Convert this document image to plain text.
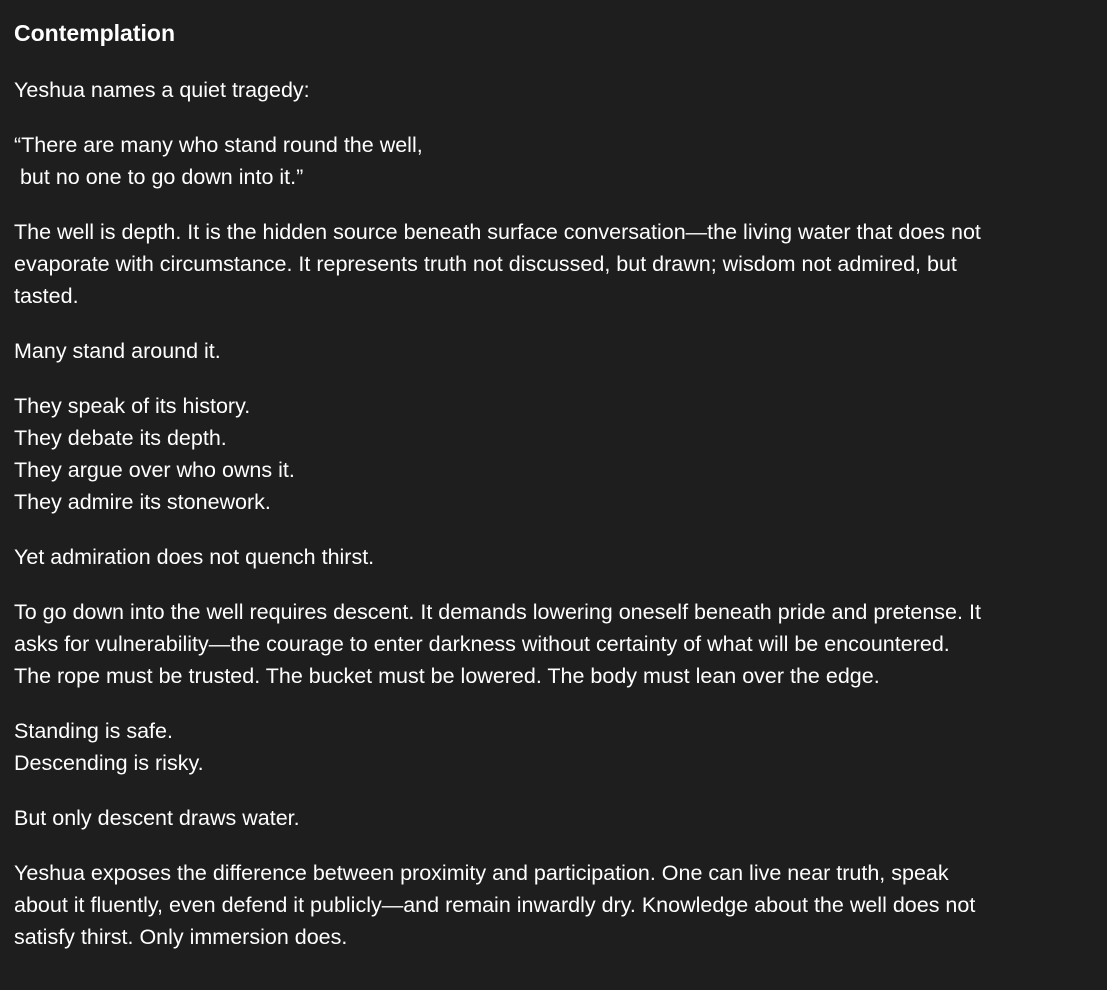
Contemplation

Yeshua names a quiet tragedy:

“There are many who stand round the well,
but no one to go down into it.”

The well is depth. It is the hidden source beneath surface conversation—the living water that does not
evaporate with circumstance. It represents truth not discussed, but drawn; wisdom not admired, but
tasted.

Many stand around it.

They speak of its history.
They debate its depth.
They argue over who owns it.
They admire its stonework.

Yet admiration does not quench thirst.

To go down into the well requires descent. It demands lowering oneself beneath pride and pretense. It
asks for vulnerability—the courage to enter darkness without certainty of what will be encountered.
The rope must be trusted. The bucket must be lowered. The body must lean over the edge.

Standing is safe.
Descending is risky.

But only descent draws water.

Yeshua exposes the difference between proximity and participation. One can live near truth, speak
about it fluently, even defend it publicly—and remain inwardly dry. Knowledge about the well does not
satisfy thirst. Only immersion does.
